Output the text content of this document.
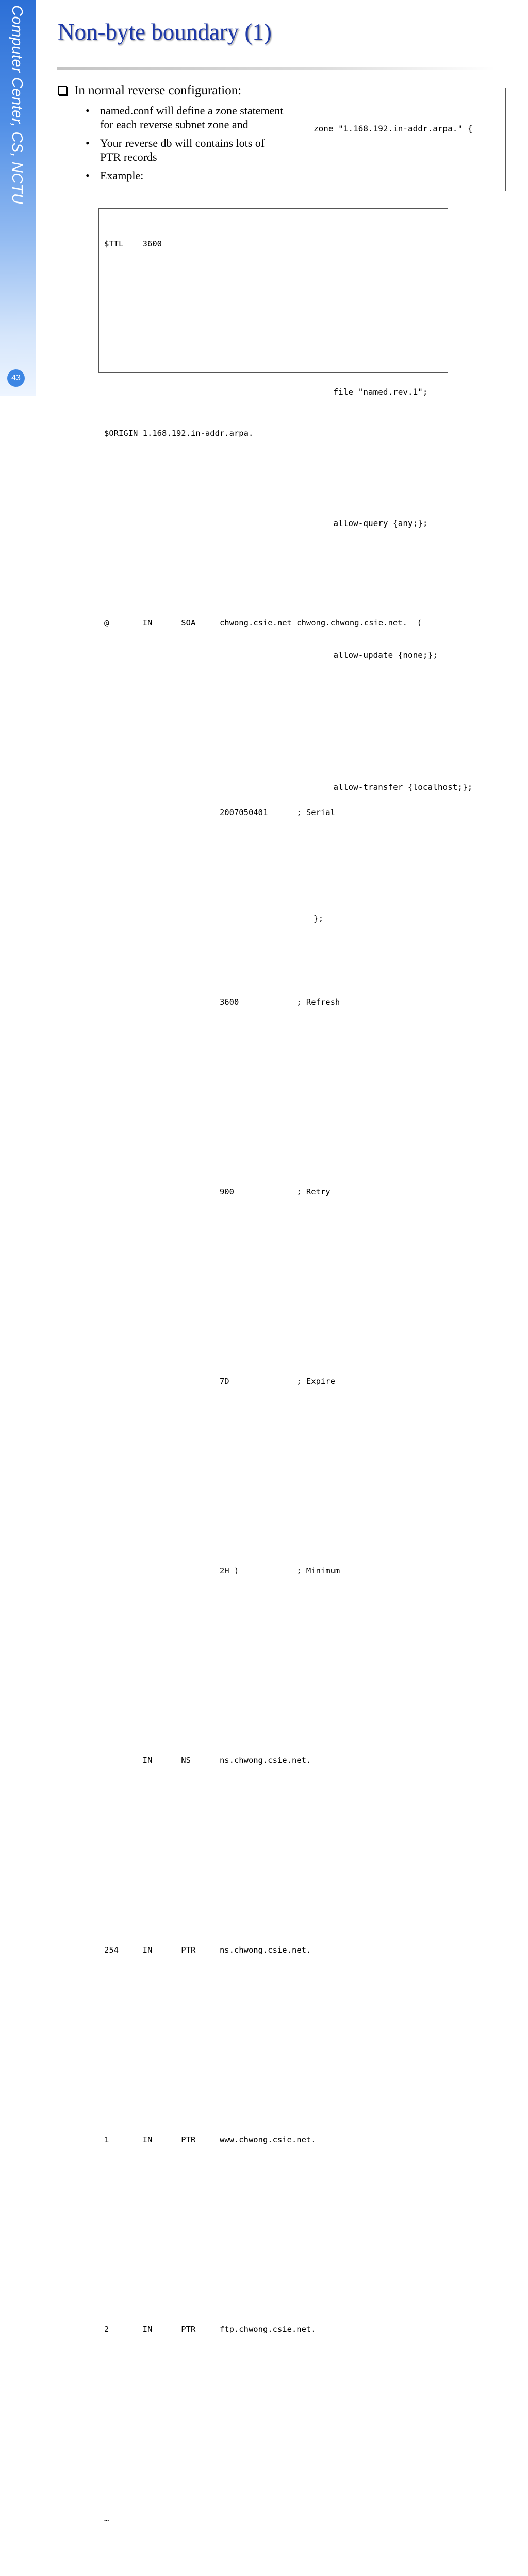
Computer Center, CS, NCTU
43
Non-byte boundary (1)
In normal reverse configuration:
• named.conf will define a zone statement for each reverse subnet zone and
• Your reverse db will contains lots of PTR records
• Example:

zone "1.168.192.in-addr.arpa." {

file "named.rev.1";

allow-query {any;};

allow-update {none;};

allow-transfer {localhost;};

};

$TTL    3600

$ORIGIN 1.168.192.in-addr.arpa.

@       IN      SOA     chwong.csie.net chwong.chwong.csie.net.  (

2007050401      ; Serial

3600            ; Refresh

900             ; Retry

7D              ; Expire

2H )            ; Minimum

IN      NS      ns.chwong.csie.net.

254     IN      PTR     ns.chwong.csie.net.

1       IN      PTR     www.chwong.csie.net.

2       IN      PTR     ftp.chwong.csie.net.

…
